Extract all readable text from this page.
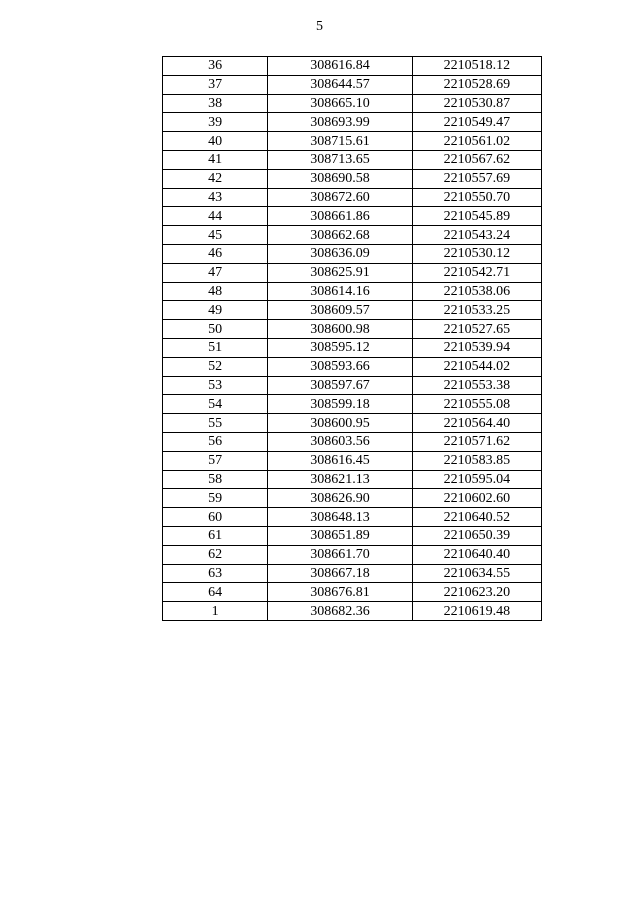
5
36	308616.84	2210518.12
37	308644.57	2210528.69
38	308665.10	2210530.87
39	308693.99	2210549.47
40	308715.61	2210561.02
41	308713.65	2210567.62
42	308690.58	2210557.69
43	308672.60	2210550.70
44	308661.86	2210545.89
45	308662.68	2210543.24
46	308636.09	2210530.12
47	308625.91	2210542.71
48	308614.16	2210538.06
49	308609.57	2210533.25
50	308600.98	2210527.65
51	308595.12	2210539.94
52	308593.66	2210544.02
53	308597.67	2210553.38
54	308599.18	2210555.08
55	308600.95	2210564.40
56	308603.56	2210571.62
57	308616.45	2210583.85
58	308621.13	2210595.04
59	308626.90	2210602.60
60	308648.13	2210640.52
61	308651.89	2210650.39
62	308661.70	2210640.40
63	308667.18	2210634.55
64	308676.81	2210623.20
1	308682.36	2210619.48
